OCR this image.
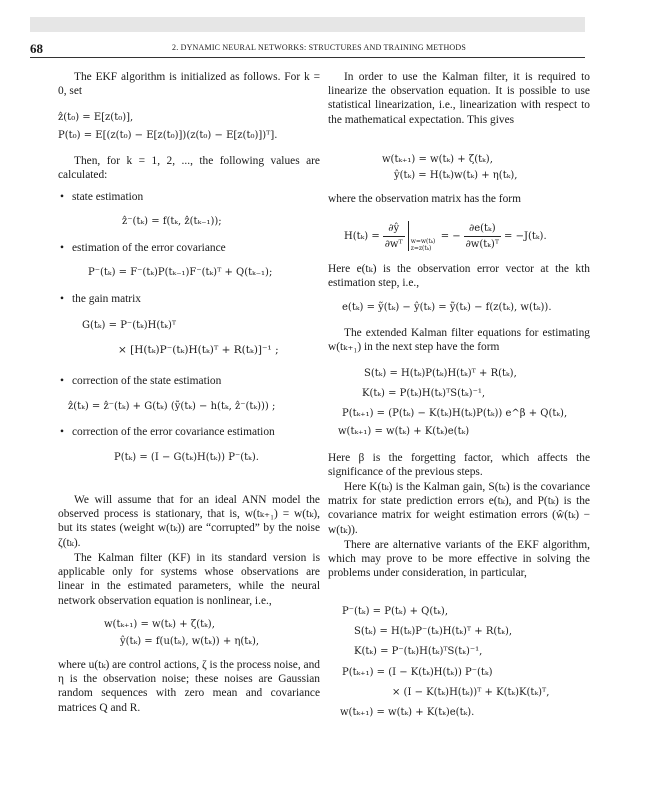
68	2. DYNAMIC NEURAL NETWORKS: STRUCTURES AND TRAINING METHODS

The EKF algorithm is initialized as follows. For k = 0, set

ẑ(t₀) = E[z(t₀)],
P(t₀) = E[(z(t₀) − E[z(t₀)])(z(t₀) − E[z(t₀)])ᵀ].

Then, for k = 1, 2, ..., the following values are calculated:

• state estimation
ẑ⁻(tₖ) = f(tₖ, ẑ(tₖ₋₁));
• estimation of the error covariance
P⁻(tₖ) = F⁻(tₖ)P(tₖ₋₁)F⁻(tₖ)ᵀ + Q(tₖ₋₁);
• the gain matrix
G(tₖ) = P⁻(tₖ)H(tₖ)ᵀ
× [H(tₖ)P⁻(tₖ)H(tₖ)ᵀ + R(tₖ)]⁻¹ ;
• correction of the state estimation
ẑ(tₖ) = ẑ⁻(tₖ) + G(tₖ) (ỹ(tₖ) − h(tₖ, ẑ⁻(tₖ))) ;
• correction of the error covariance estimation
P(tₖ) = (I − G(tₖ)H(tₖ)) P⁻(tₖ).

We will assume that for an ideal ANN model the observed process is stationary, that is, w(tₖ₊₁) = w(tₖ), but its states (weight w(tₖ)) are “corrupted” by the noise ζ(tₖ).

The Kalman filter (KF) in its standard version is applicable only for systems whose observations are linear in the estimated parameters, while the neural network observation equation is nonlinear, i.e.,

w(tₖ₊₁) = w(tₖ) + ζ(tₖ),
ŷ(tₖ) = f(u(tₖ), w(tₖ)) + η(tₖ),

where u(tₖ) are control actions, ζ is the process noise, and η is the observation noise; these noises are Gaussian random sequences with zero mean and covariance matrices Q and R.

In order to use the Kalman filter, it is required to linearize the observation equation. It is possible to use statistical linearization, i.e., linearization with respect to the mathematical expectation. This gives

w(tₖ₊₁) = w(tₖ) + ζ(tₖ),
ŷ(tₖ) = H(tₖ)w(tₖ) + η(tₖ),

where the observation matrix has the form

$H(t_k) = \frac{\partial ŷ}{\text{∂wᵀ}}$	w=w(tₖ) z=z(tₖ)
= − $\frac{\text{∂e(tₖ)}}{\text{∂w(tₖ)ᵀ}} = -J(t_k)$.

Here e(tₖ) is the observation error vector at the kth estimation step, i.e.,

e(tₖ) = ỹ(tₖ) − ŷ(tₖ) = ỹ(tₖ) − f(z(tₖ), w(tₖ)).

The extended Kalman filter equations for estimating w(tₖ₊₁) in the next step have the form

S(tₖ) = H(tₖ)P(tₖ)H(tₖ)ᵀ + R(tₖ),
K(tₖ) = P(tₖ)H(tₖ)ᵀS(tₖ)⁻¹,
P(tₖ₊₁) = (P(tₖ) − K(tₖ)H(tₖ)P(tₖ)) e^β + Q(tₖ),
w(tₖ₊₁) = w(tₖ) + K(tₖ)e(tₖ)

Here β is the forgetting factor, which affects the significance of the previous steps.

Here K(tₖ) is the Kalman gain, S(tₖ) is the covariance matrix for state prediction errors e(tₖ), and P(tₖ) is the covariance matrix for weight estimation errors (ŵ(tₖ) − w(tₖ)).

There are alternative variants of the EKF algorithm, which may prove to be more effective in solving the problems under consideration, in particular,

P⁻(tₖ) = P(tₖ) + Q(tₖ),
S(tₖ) = H(tₖ)P⁻(tₖ)H(tₖ)ᵀ + R(tₖ),
K(tₖ) = P⁻(tₖ)H(tₖ)ᵀS(tₖ)⁻¹,
P(tₖ₊₁) = (I − K(tₖ)H(tₖ)) P⁻(tₖ)
× (I − K(tₖ)H(tₖ))ᵀ + K(tₖ)K(tₖ)ᵀ,
w(tₖ₊₁) = w(tₖ) + K(tₖ)e(tₖ).
